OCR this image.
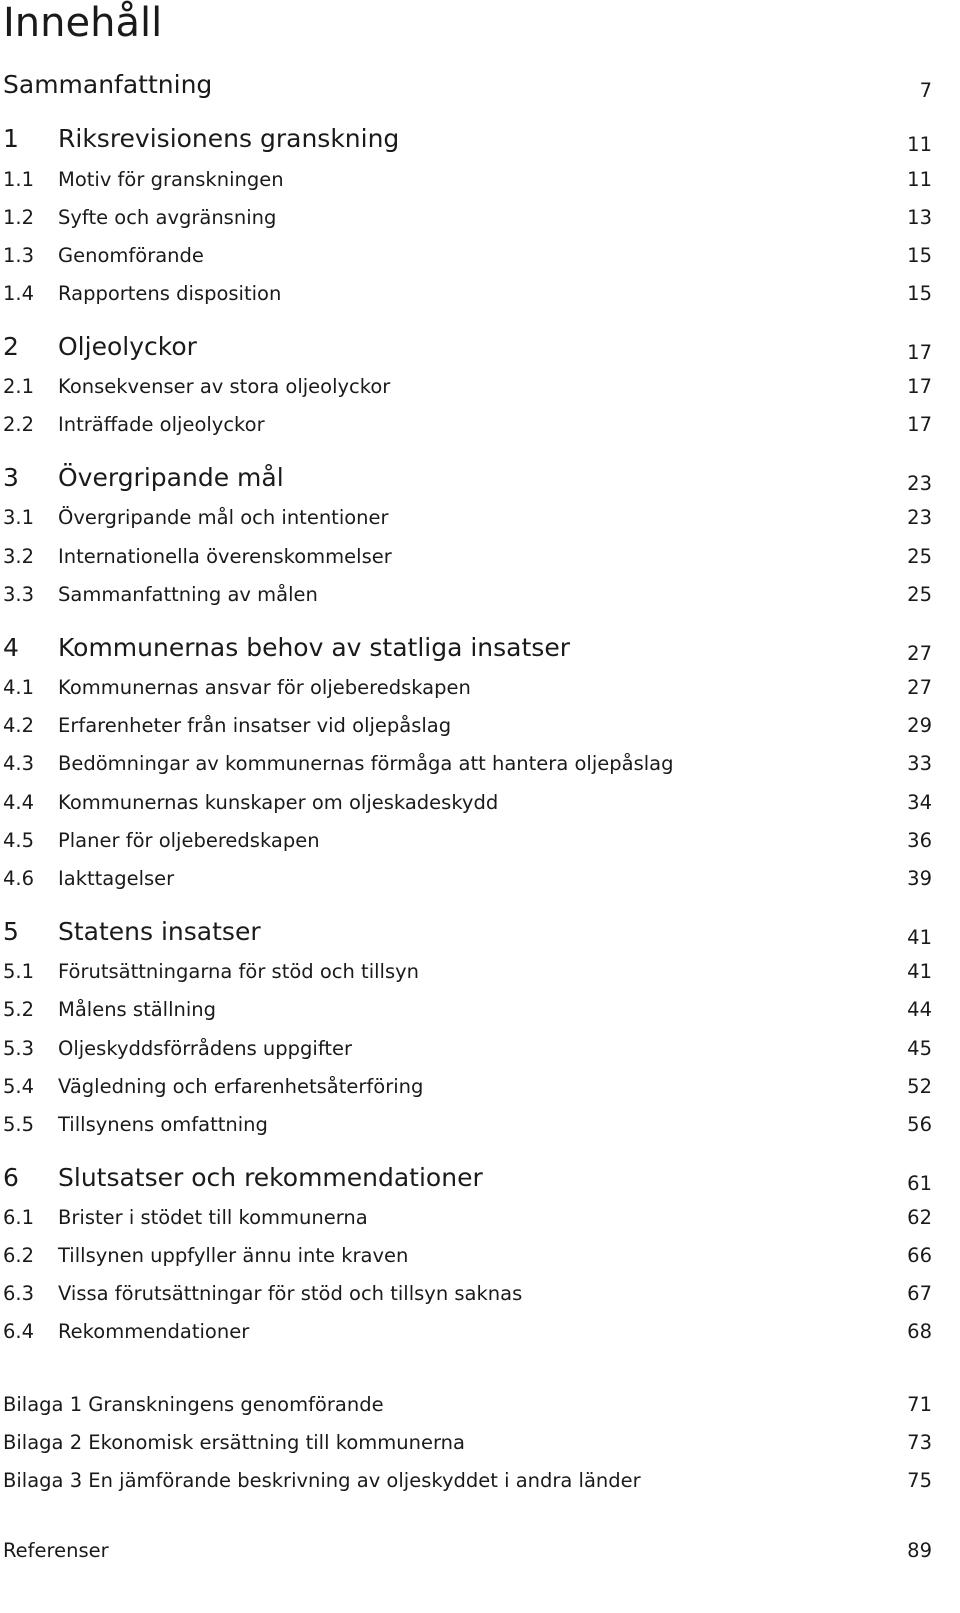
Innehåll
Sammanfattning	7
1 Riksrevisionens granskning	11
1.1 Motiv för granskningen	11
1.2 Syfte och avgränsning	13
1.3 Genomförande	15
1.4 Rapportens disposition	15
2 Oljeolyckor	17
2.1 Konsekvenser av stora oljeolyckor	17
2.2 Inträffade oljeolyckor	17
3 Övergripande mål	23
3.1 Övergripande mål och intentioner	23
3.2 Internationella överenskommelser	25
3.3 Sammanfattning av målen	25
4 Kommunernas behov av statliga insatser	27
4.1 Kommunernas ansvar för oljeberedskapen	27
4.2 Erfarenheter från insatser vid oljepåslag	29
4.3 Bedömningar av kommunernas förmåga att hantera oljepåslag	33
4.4 Kommunernas kunskaper om oljeskadeskydd	34
4.5 Planer för oljeberedskapen	36
4.6 Iakttagelser	39
5 Statens insatser	41
5.1 Förutsättningarna för stöd och tillsyn	41
5.2 Målens ställning	44
5.3 Oljeskyddsförrådens uppgifter	45
5.4 Vägledning och erfarenhetsåterföring	52
5.5 Tillsynens omfattning	56
6 Slutsatser och rekommendationer	61
6.1 Brister i stödet till kommunerna	62
6.2 Tillsynen uppfyller ännu inte kraven	66
6.3 Vissa förutsättningar för stöd och tillsyn saknas	67
6.4 Rekommendationer	68
Bilaga 1 Granskningens genomförande	71
Bilaga 2 Ekonomisk ersättning till kommunerna	73
Bilaga 3 En jämförande beskrivning av oljeskyddet i andra länder	75
Referenser	89
